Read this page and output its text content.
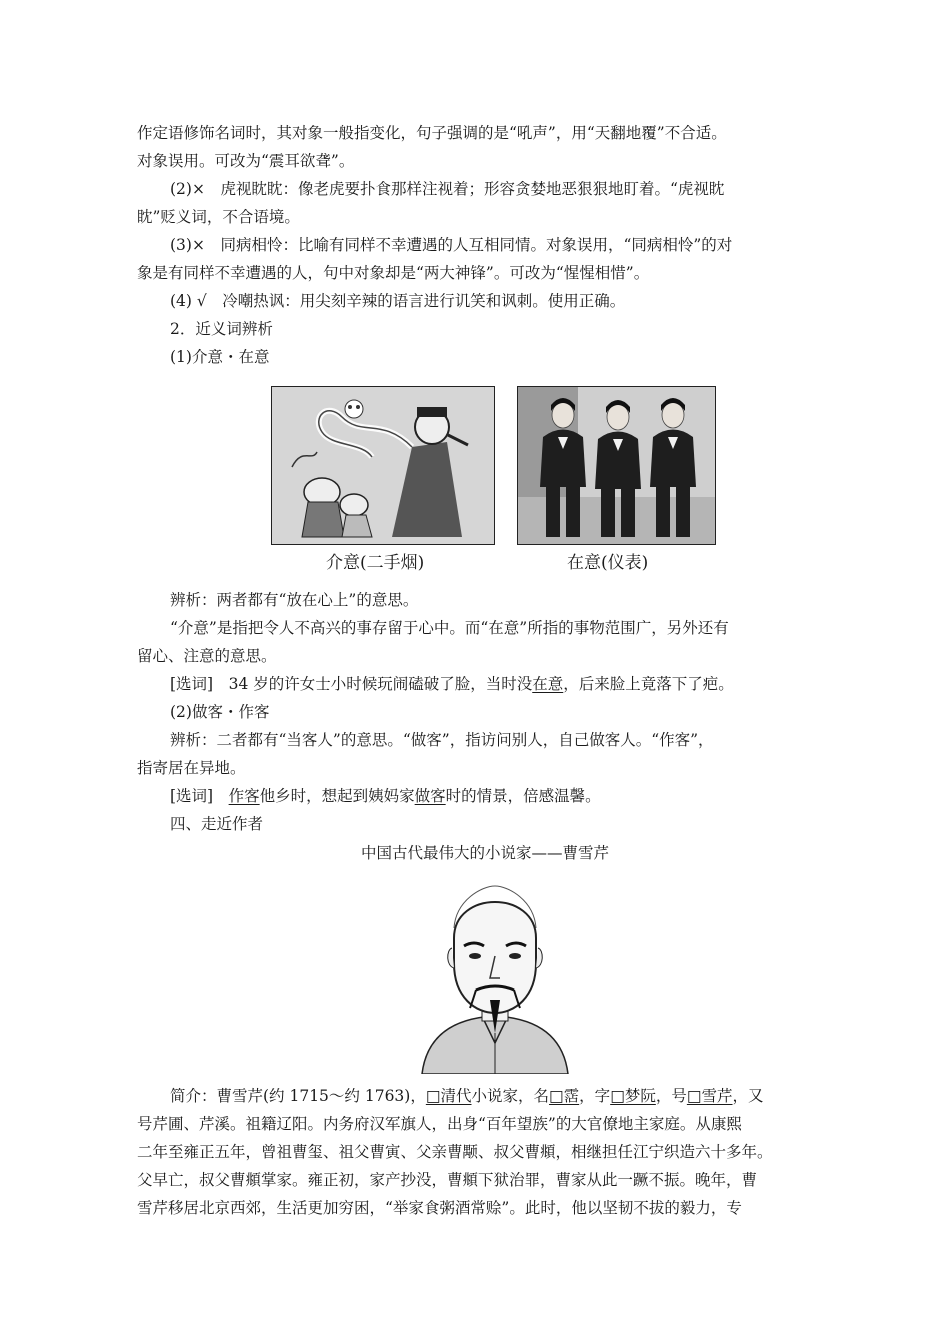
作定语修饰名词时，其对象一般指变化，句子强调的是“吼声”，用“天翻地覆”不合适。
对象误用。可改为“震耳欲聋”。
(2)×　虎视眈眈：像老虎要扑食那样注视着；形容贪婪地恶狠狠地盯着。“虎视眈
眈”贬义词，不合语境。
(3)×　同病相怜：比喻有同样不幸遭遇的人互相同情。对象误用，“同病相怜”的对
象是有同样不幸遭遇的人，句中对象却是“两大神锋”。可改为“惺惺相惜”。
(4) √　冷嘲热讽：用尖刻辛辣的语言进行讥笑和讽刺。使用正确。
2．近义词辨析
(1)介意・在意
介意(二手烟)	在意(仪表)
辨析：两者都有“放在心上”的意思。
“介意”是指把令人不高兴的事存留于心中。而“在意”所指的事物范围广，另外还有
留心、注意的意思。
[选词]　34 岁的许女士小时候玩闹磕破了脸，当时没在意，后来脸上竟落下了疤。
(2)做客・作客
辨析：二者都有“当客人”的意思。“做客”，指访问别人，自己做客人。“作客”，
指寄居在异地。
[选词]　作客他乡时，想起到姨妈家做客时的情景，倍感温馨。
四、走近作者
中国古代最伟大的小说家——曹雪芹
简介：曹雪芹(约 1715～约 1763)，□清代小说家，名□霑，字□梦阮，号□雪芹，又
号芹圃、芹溪。祖籍辽阳。内务府汉军旗人，出身“百年望族”的大官僚地主家庭。从康熙
二年至雍正五年，曾祖曹玺、祖父曹寅、父亲曹颙、叔父曹頫，相继担任江宁织造六十多年。
父早亡，叔父曹頫掌家。雍正初，家产抄没，曹頫下狱治罪，曹家从此一蹶不振。晚年，曹
雪芹移居北京西郊，生活更加穷困，“举家食粥酒常赊”。此时，他以坚韧不拔的毅力，专
